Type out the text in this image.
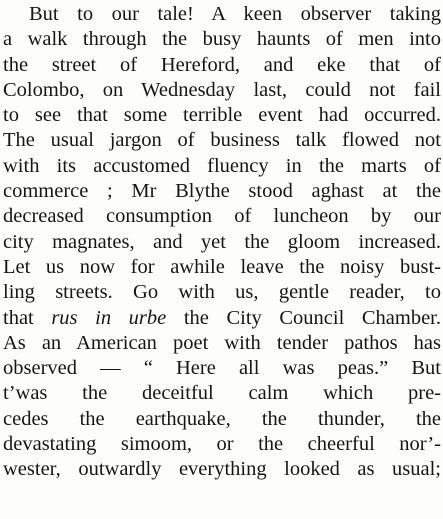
But to our tale! A keen observer taking
a walk through the busy haunts of men into
the street of Hereford, and eke that of
Colombo, on Wednesday last, could not fail
to see that some terrible event had occurred.
The usual jargon of business talk flowed not
with its accustomed fluency in the marts of
commerce ; Mr Blythe stood aghast at the
decreased consumption of luncheon by our
city magnates, and yet the gloom increased.
Let us now for awhile leave the noisy bust-
ling streets. Go with us, gentle reader, to
that rus in urbe the City Council Chamber.
As an American poet with tender pathos has
observed — “ Here all was peas.” But
t’was the deceitful calm which pre-
cedes the earthquake, the thunder, the
devastating simoom, or the cheerful nor’-
wester, outwardly everything looked as usual;
